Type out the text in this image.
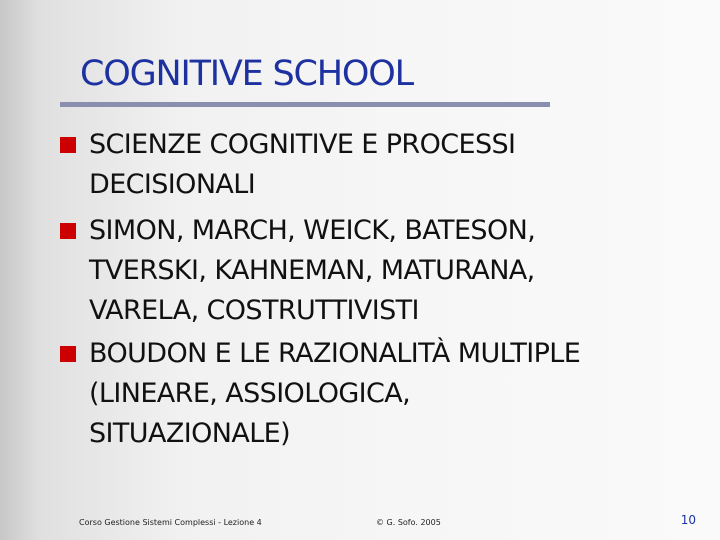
COGNITIVE SCHOOL
SCIENZE COGNITIVE E PROCESSI
DECISIONALI
SIMON, MARCH, WEICK, BATESON,
TVERSKI, KAHNEMAN, MATURANA,
VARELA, COSTRUTTIVISTI
BOUDON E LE RAZIONALITÀ MULTIPLE
(LINEARE, ASSIOLOGICA,
SITUAZIONALE)
Corso Gestione Sistemi Complessi - Lezione 4	© G. Sofo. 2005	10
